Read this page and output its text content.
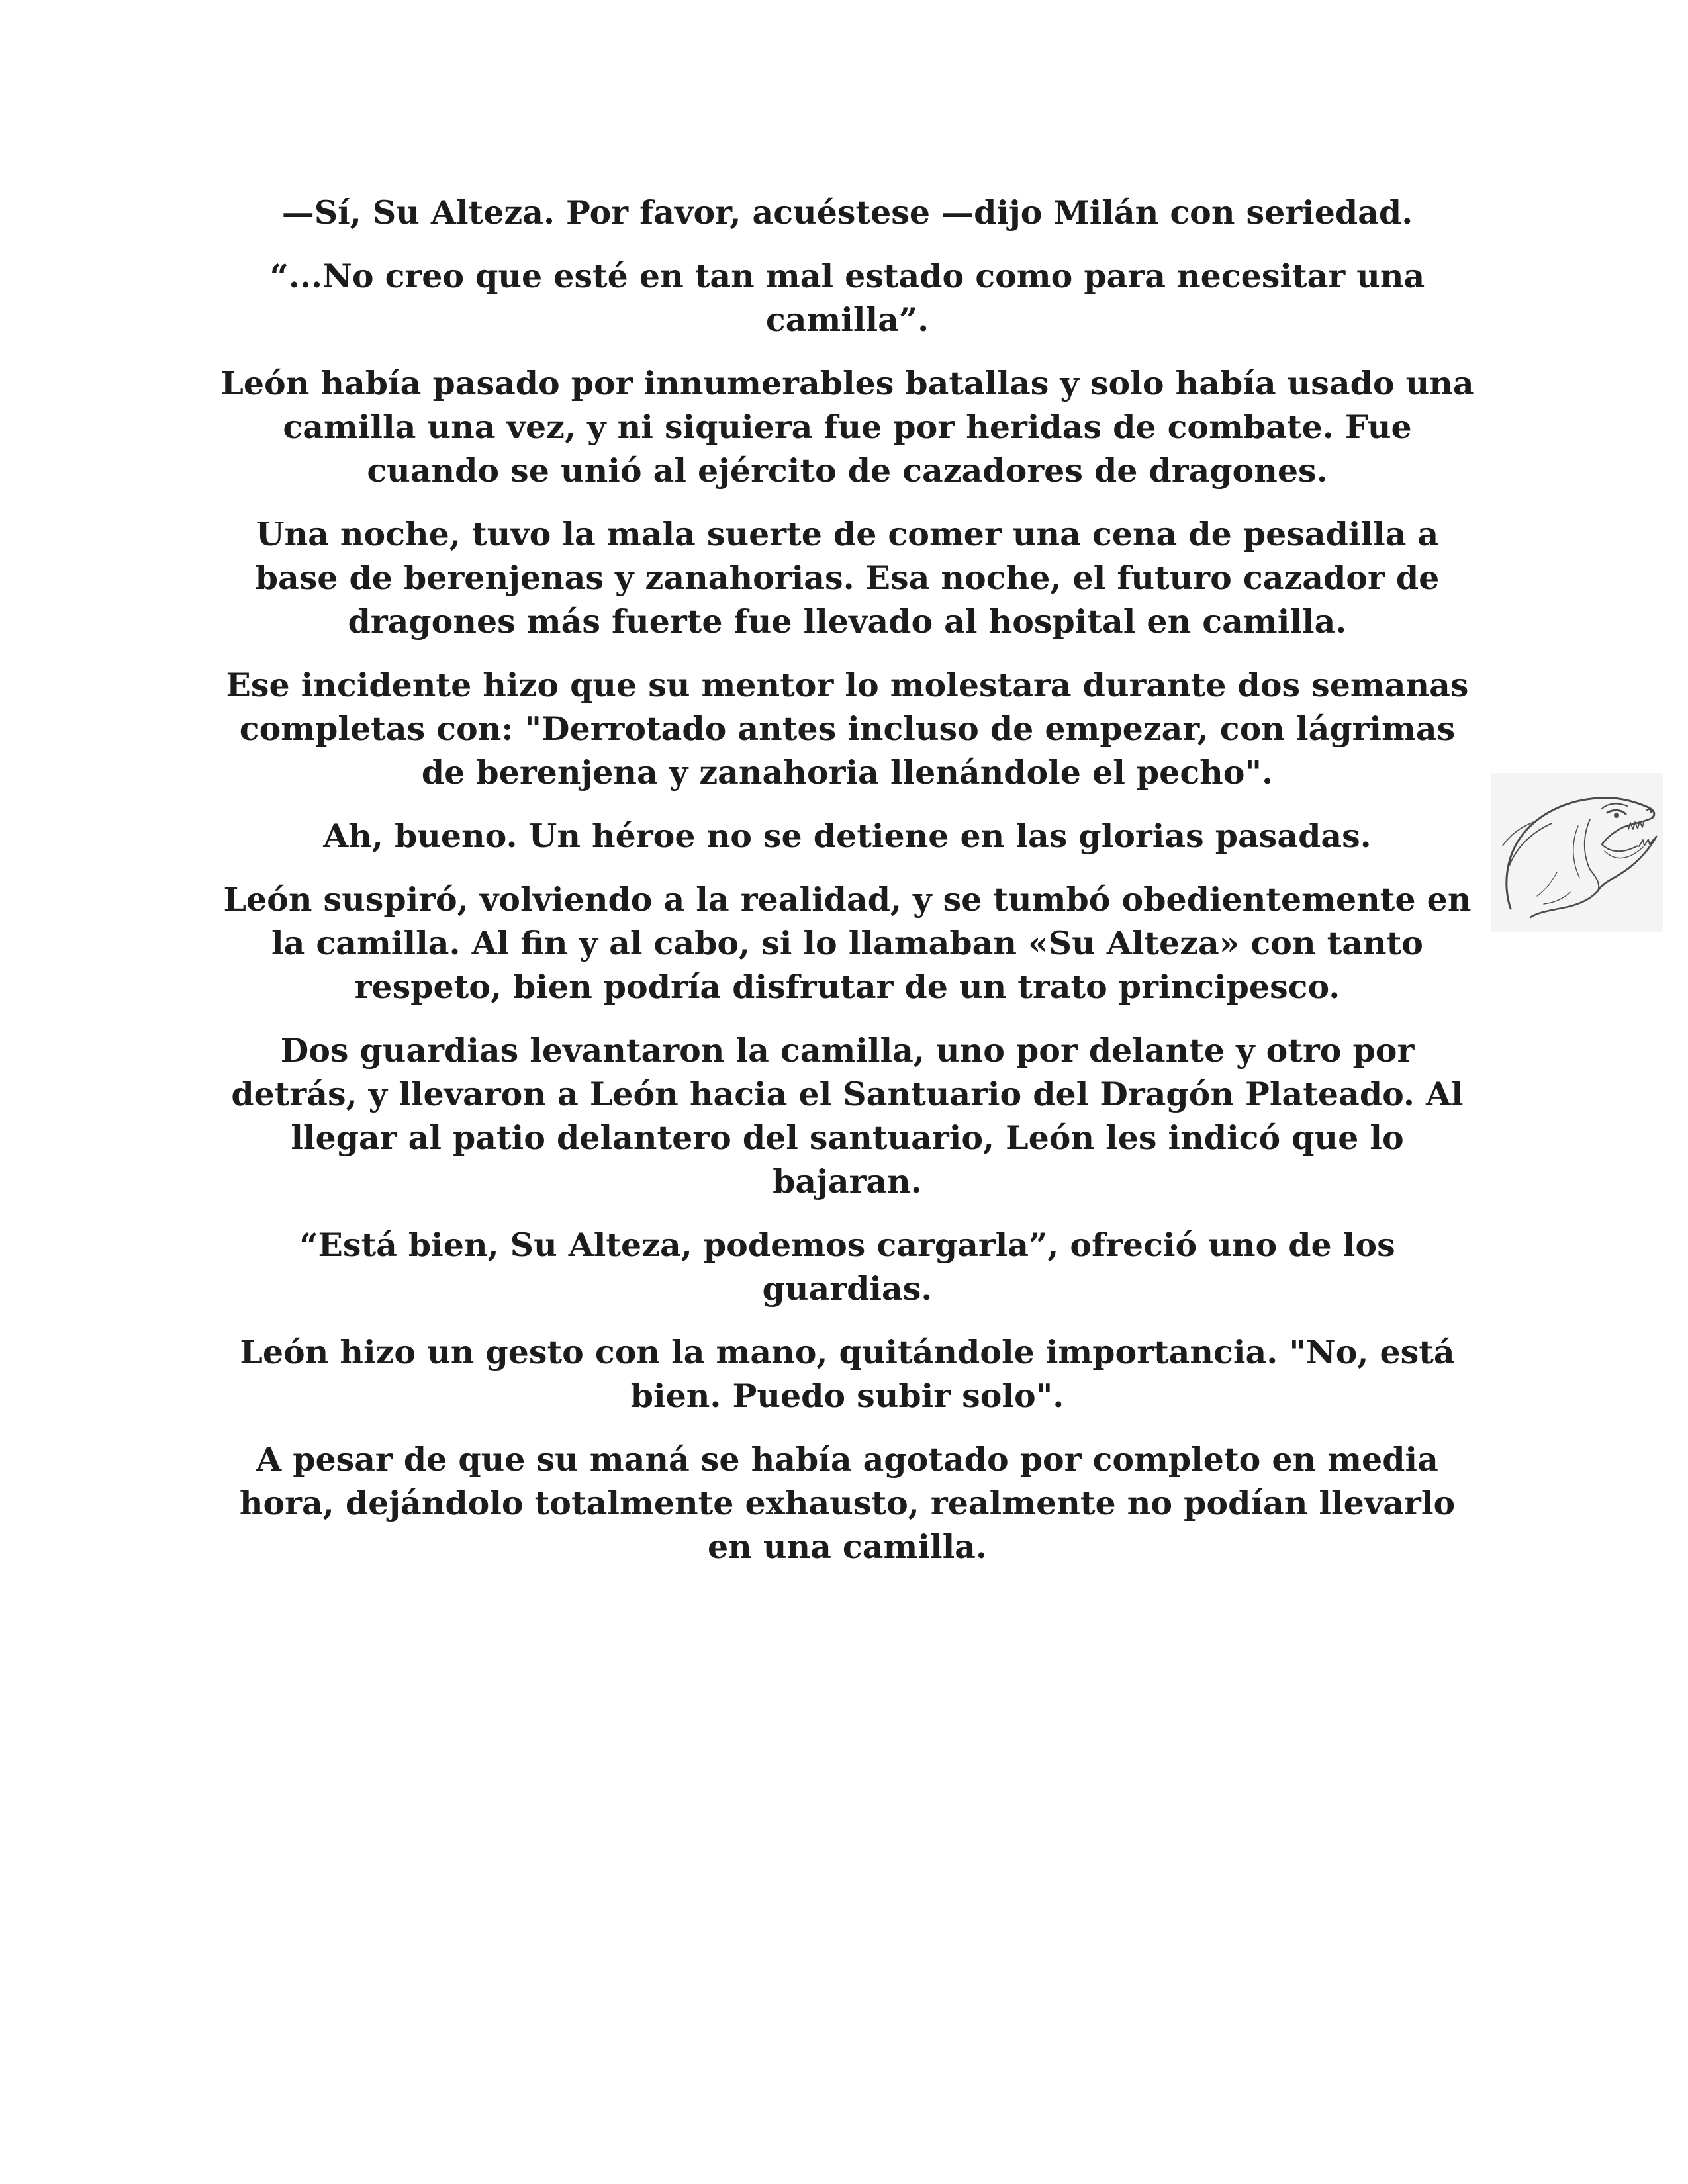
—Sí, Su Alteza. Por favor, acuéstese —dijo Milán con seriedad.

“...No creo que esté en tan mal estado como para necesitar una camilla”.

León había pasado por innumerables batallas y solo había usado una camilla una vez, y ni siquiera fue por heridas de combate. Fue cuando se unió al ejército de cazadores de dragones.

Una noche, tuvo la mala suerte de comer una cena de pesadilla a base de berenjenas y zanahorias. Esa noche, el futuro cazador de dragones más fuerte fue llevado al hospital en camilla.

Ese incidente hizo que su mentor lo molestara durante dos semanas completas con: "Derrotado antes incluso de empezar, con lágrimas de berenjena y zanahoria llenándole el pecho".

Ah, bueno. Un héroe no se detiene en las glorias pasadas.

León suspiró, volviendo a la realidad, y se tumbó obedientemente en la camilla. Al fin y al cabo, si lo llamaban «Su Alteza» con tanto respeto, bien podría disfrutar de un trato principesco.

Dos guardias levantaron la camilla, uno por delante y otro por detrás, y llevaron a León hacia el Santuario del Dragón Plateado. Al llegar al patio delantero del santuario, León les indicó que lo bajaran.

“Está bien, Su Alteza, podemos cargarla”, ofreció uno de los guardias.

León hizo un gesto con la mano, quitándole importancia. "No, está bien. Puedo subir solo".

A pesar de que su maná se había agotado por completo en media hora, dejándolo totalmente exhausto, realmente no podían llevarlo en una camilla.
